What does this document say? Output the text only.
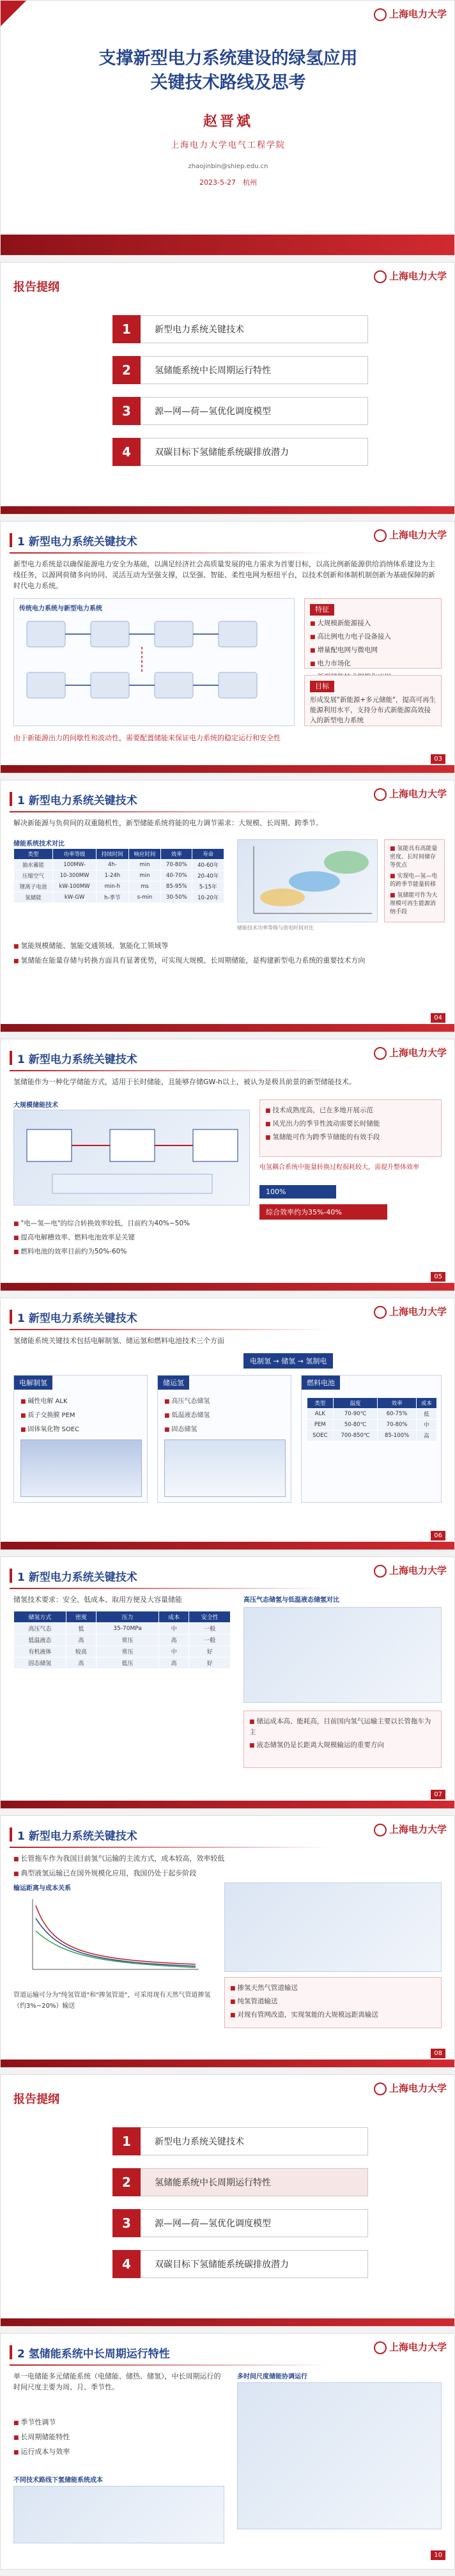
上海电力大学
支撑新型电力系统建设的绿氢应用
关键技术路线及思考
赵晋斌
上海电力大学电气工程学院
zhaojinbin@shiep.edu.cn
2023-5-27　杭州
报告提纲
上海电力大学
1	新型电力系统关键技术
2	氢储能系统中长周期运行特性
3	源—网—荷—氢优化调度模型
4	双碳目标下氢储能系统碳排放潜力
1 新型电力系统关键技术
上海电力大学
新型电力系统是以确保能源电力安全为基础，以满足经济社会高质量发展的电力需求为首要目标，以高比例新能源供给消纳体系建设为主线任务，以源网荷储多向协同、灵活互动为坚强支撑，以坚强、智能、柔性电网为枢纽平台，以技术创新和体制机制创新为基础保障的新时代电力系统。
传统电力系统与新型电力系统	特征
■ 大规模新能源接入
■ 高比例电力电子设备接入
■ 增量配电网与微电网
■ 电力市场化
■
目标
形成发展"新能源+多元储能"，提高可再生能源利用水平，支持分布式新能源高效接入的新型电力系统
由于新能源出力的间歇性和波动性，需要配置储能来保证电力系统的稳定运行和安全性
03
1 新型电力系统关键技术
上海电力大学
解决新能源与负荷间的双重随机性，新型储能系统将能的电力调节需求：大规模、长周期、跨季节。
储能系统技术对比
类型	功率等级	持续时间	响应时间	效率	寿命
抽水蓄能	100MW-	4h-	min	70-80%	40-60年
压缩空气	10-300MW	1-24h	min	40-70%	20-40年
锂离子电池	kW-100MW	min-h	ms	85-95%	5-15年
氢储能	kW-GW	h-季节	s-min	30-50%	10-20年
储能技术功率等级与放电时间对比
■ 氢能具有高能量密度、长时间储存等优点
■ 实现电—氢—电的跨季节能量转移
■ 氢储能可作为大规模可再生能源消纳手段
■ 氢能规模储能、氢能交通领域、氢能化工领域等
■ 氢储能在能量存储与转换方面具有显著优势，可实现大规模、长周期储能，是构建新型电力系统的重要技术方向
04
1 新型电力系统关键技术
上海电力大学
氢储能作为一种化学储能方式，适用于长时储能，且能够存储GW-h以上，被认为是极具前景的新型储能技术。
大规模储能技术
■ 技术成熟度高，已在多地开展示范
■ 风光出力的季节性波动需要长时储能
■ 氢储能可作为跨季节储能的有效手段
电氢耦合系统中能量转换过程损耗较大，需提升整体效率
100%
综合效率约为35%-40%
■ "电—氢—电"的综合转换效率较低，目前约为40%~50%
■ 提高电解槽效率、燃料电池效率是关键
■ 燃料电池的效率目前约为50%-60%
05
1 新型电力系统关键技术
上海电力大学
氢储能系统关键技术包括电解制氢、储运氢和燃料电池技术三个方面
电制氢 → 储氢 → 氢制电
电解制氢
■ 碱性电解 ALK
■ 质子交换膜 PEM
■ 固体氧化物 SOEC
储运氢
■ 高压气态储氢
■ 低温液态储氢
■ 固态储氢
燃料电池
类型	温度	效率	成本
ALK	70-90℃	60-75%	低
PEM	50-80℃	70-80%	中
SOEC	700-850℃	85-100%	高
06
1 新型电力系统关键技术
上海电力大学
储氢技术要求：安全、低成本、取用方便及大容量储能
储氢方式	密度	压力	成本	安全性
高压气态	低	35-70MPa	中	一般
低温液态	高	常压	高	一般
有机液体	较高	常压	中	好
固态储氢	高	低压	高	好
高压气态储氢与低温液态储氢对比
■ 储运成本高、能耗高，目前国内氢气运输主要以长管拖车为主
■ 液态储氢仍是长距离大规模输运的重要方向
07
1 新型电力系统关键技术
上海电力大学
■ 长管拖车作为我国目前氢气运输的主流方式，成本较高，效率较低
■ 典型液氢运输已在国外规模化应用，我国仍处于起步阶段
输运距离与成本关系
管道运输可分为"纯氢管道"和"掺氢管道"，可采用现有天然气管道掺氢（约3%~20%）输送
■ 掺氢天然气管道输送
■ 纯氢管道输送
■ 对现有管网改造，实现氢能的大规模远距离输送
08
报告提纲
上海电力大学
1	新型电力系统关键技术
2	氢储能系统中长周期运行特性
3	源—网—荷—氢优化调度模型
4	双碳目标下氢储能系统碳排放潜力
2 氢储能系统中长周期运行特性
上海电力大学
单一电储能多元储能系统（电储能、储热、储氢），中长周期运行的时间尺度主要为周、月、季节性。
■ 季节性调节
■ 长周期储能特性
■ 运行成本与效率
多时间尺度储能协调运行
不同技术路线下氢储能系统成本
10
